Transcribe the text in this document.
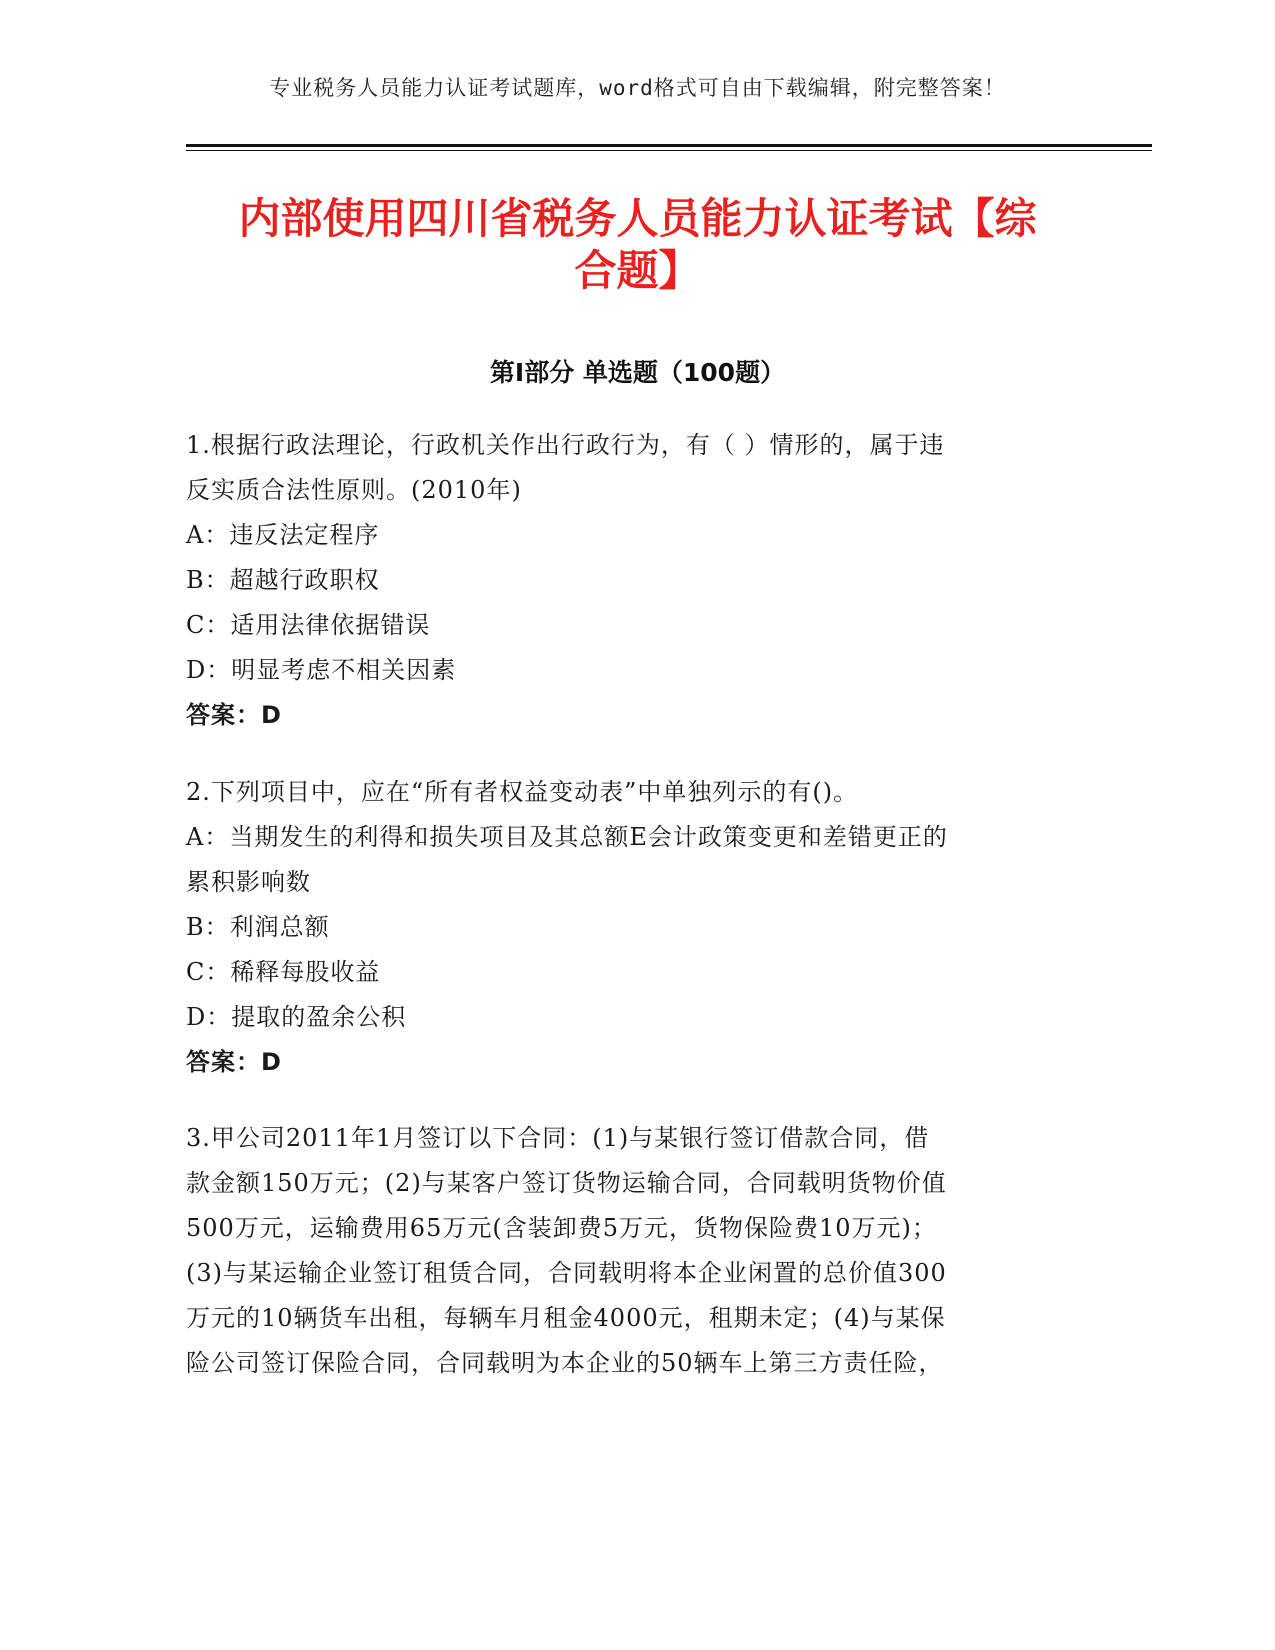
专业税务人员能力认证考试题库，word格式可自由下载编辑，附完整答案！
内部使用四川省税务人员能力认证考试【综
合题】
第I部分 单选题（100题）
1.根据行政法理论，行政机关作出行政行为，有（ ）情形的，属于违
反实质合法性原则。(2010年)
A：违反法定程序
B：超越行政职权
C：适用法律依据错误
D：明显考虑不相关因素
答案：D
2.下列项目中，应在“所有者权益变动表”中单独列示的有()。
A：当期发生的利得和损失项目及其总额E会计政策变更和差错更正的
累积影响数
B：利润总额
C：稀释每股收益
D：提取的盈余公积
答案：D
3.甲公司2011年1月签订以下合同：(1)与某银行签订借款合同，借
款金额150万元；(2)与某客户签订货物运输合同，合同载明货物价值
500万元，运输费用65万元(含装卸费5万元，货物保险费10万元)；
(3)与某运输企业签订租赁合同，合同载明将本企业闲置的总价值300
万元的10辆货车出租，每辆车月租金4000元，租期未定；(4)与某保
险公司签订保险合同，合同载明为本企业的50辆车上第三方责任险，
